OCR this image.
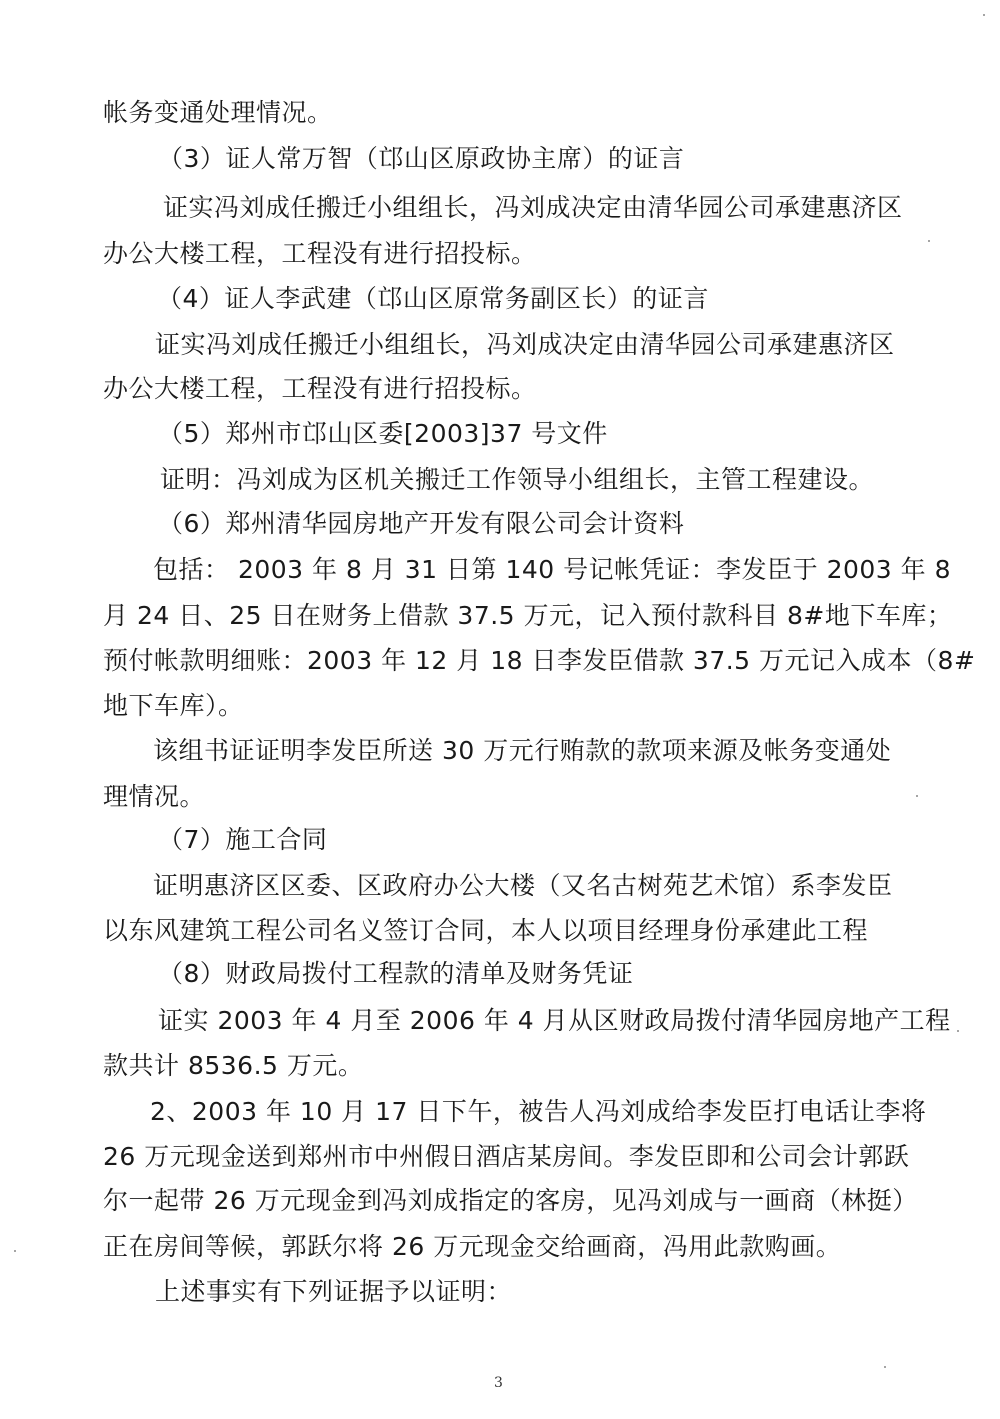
帐务变通处理情况。
（3）证人常万智（邙山区原政协主席）的证言
证实冯刘成任搬迁小组组长，冯刘成决定由清华园公司承建惠济区
办公大楼工程，工程没有进行招投标。
（4）证人李武建（邙山区原常务副区长）的证言
证实冯刘成任搬迁小组组长，冯刘成决定由清华园公司承建惠济区
办公大楼工程，工程没有进行招投标。
（5）郑州市邙山区委[2003]37 号文件
证明：冯刘成为区机关搬迁工作领导小组组长，主管工程建设。
（6）郑州清华园房地产开发有限公司会计资料
包括： 2003 年 8 月 31 日第 140 号记帐凭证：李发臣于 2003 年 8
月 24 日、25 日在财务上借款 37.5 万元，记入预付款科目 8#地下车库；
预付帐款明细账：2003 年 12 月 18 日李发臣借款 37.5 万元记入成本（8#
地下车库）。
该组书证证明李发臣所送 30 万元行贿款的款项来源及帐务变通处
理情况。
（7）施工合同
证明惠济区区委、区政府办公大楼（又名古树苑艺术馆）系李发臣
以东风建筑工程公司名义签订合同，本人以项目经理身份承建此工程
（8）财政局拨付工程款的清单及财务凭证
证实 2003 年 4 月至 2006 年 4 月从区财政局拨付清华园房地产工程
款共计 8536.5 万元。
2、2003 年 10 月 17 日下午，被告人冯刘成给李发臣打电话让李将
26 万元现金送到郑州市中州假日酒店某房间。李发臣即和公司会计郭跃
尔一起带 26 万元现金到冯刘成指定的客房，见冯刘成与一画商（林挺）
正在房间等候，郭跃尔将 26 万元现金交给画商，冯用此款购画。
上述事实有下列证据予以证明：
3
